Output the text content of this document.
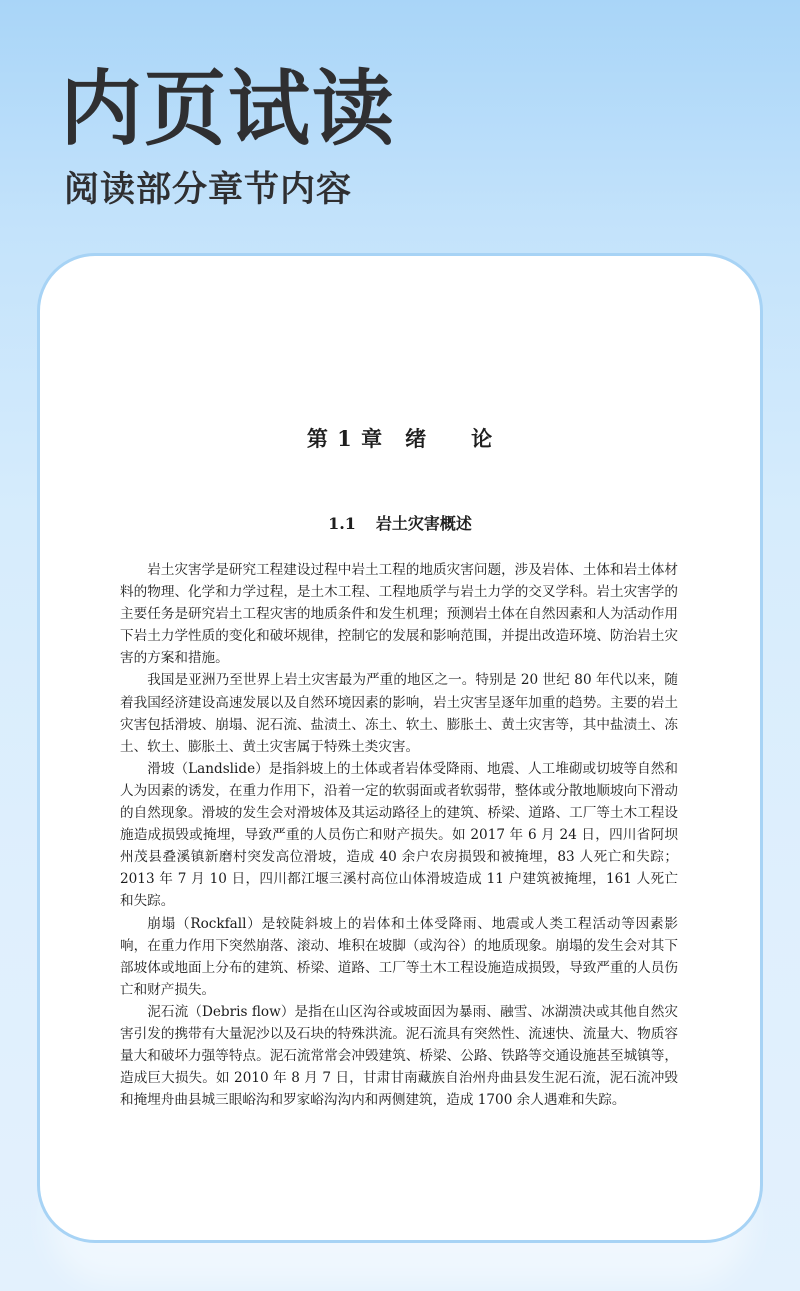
内页试读
阅读部分章节内容
第 1 章　绪　　论
1.1 岩土灾害概述

岩土灾害学是研究工程建设过程中岩土工程的地质灾害问题，涉及岩体、土体和岩土体材料的物理、化学和力学过程，是土木工程、工程地质学与岩土力学的交叉学科。岩土灾害学的主要任务是研究岩土工程灾害的地质条件和发生机理；预测岩土体在自然因素和人为活动作用下岩土力学性质的变化和破坏规律，控制它的发展和影响范围，并提出改造环境、防治岩土灾害的方案和措施。

我国是亚洲乃至世界上岩土灾害最为严重的地区之一。特别是 20 世纪 80 年代以来，随着我国经济建设高速发展以及自然环境因素的影响，岩土灾害呈逐年加重的趋势。主要的岩土灾害包括滑坡、崩塌、泥石流、盐渍土、冻土、软土、膨胀土、黄土灾害等，其中盐渍土、冻土、软土、膨胀土、黄土灾害属于特殊土类灾害。

滑坡（Landslide）是指斜坡上的土体或者岩体受降雨、地震、人工堆砌或切坡等自然和人为因素的诱发，在重力作用下，沿着一定的软弱面或者软弱带，整体或分散地顺坡向下滑动的自然现象。滑坡的发生会对滑坡体及其运动路径上的建筑、桥梁、道路、工厂等土木工程设施造成损毁或掩埋，导致严重的人员伤亡和财产损失。如 2017 年 6 月 24 日，四川省阿坝州茂县叠溪镇新磨村突发高位滑坡，造成 40 余户农房损毁和被掩埋，83 人死亡和失踪；2013 年 7 月 10 日，四川都江堰三溪村高位山体滑坡造成 11 户建筑被掩埋，161 人死亡和失踪。

崩塌（Rockfall）是较陡斜坡上的岩体和土体受降雨、地震或人类工程活动等因素影响，在重力作用下突然崩落、滚动、堆积在坡脚（或沟谷）的地质现象。崩塌的发生会对其下部坡体或地面上分布的建筑、桥梁、道路、工厂等土木工程设施造成损毁，导致严重的人员伤亡和财产损失。

泥石流（Debris flow）是指在山区沟谷或坡面因为暴雨、融雪、冰湖溃决或其他自然灾害引发的携带有大量泥沙以及石块的特殊洪流。泥石流具有突然性、流速快、流量大、物质容量大和破坏力强等特点。泥石流常常会冲毁建筑、桥梁、公路、铁路等交通设施甚至城镇等，造成巨大损失。如 2010 年 8 月 7 日，甘肃甘南藏族自治州舟曲县发生泥石流，泥石流冲毁和掩埋舟曲县城三眼峪沟和罗家峪沟沟内和两侧建筑，造成 1700 余人遇难和失踪。
